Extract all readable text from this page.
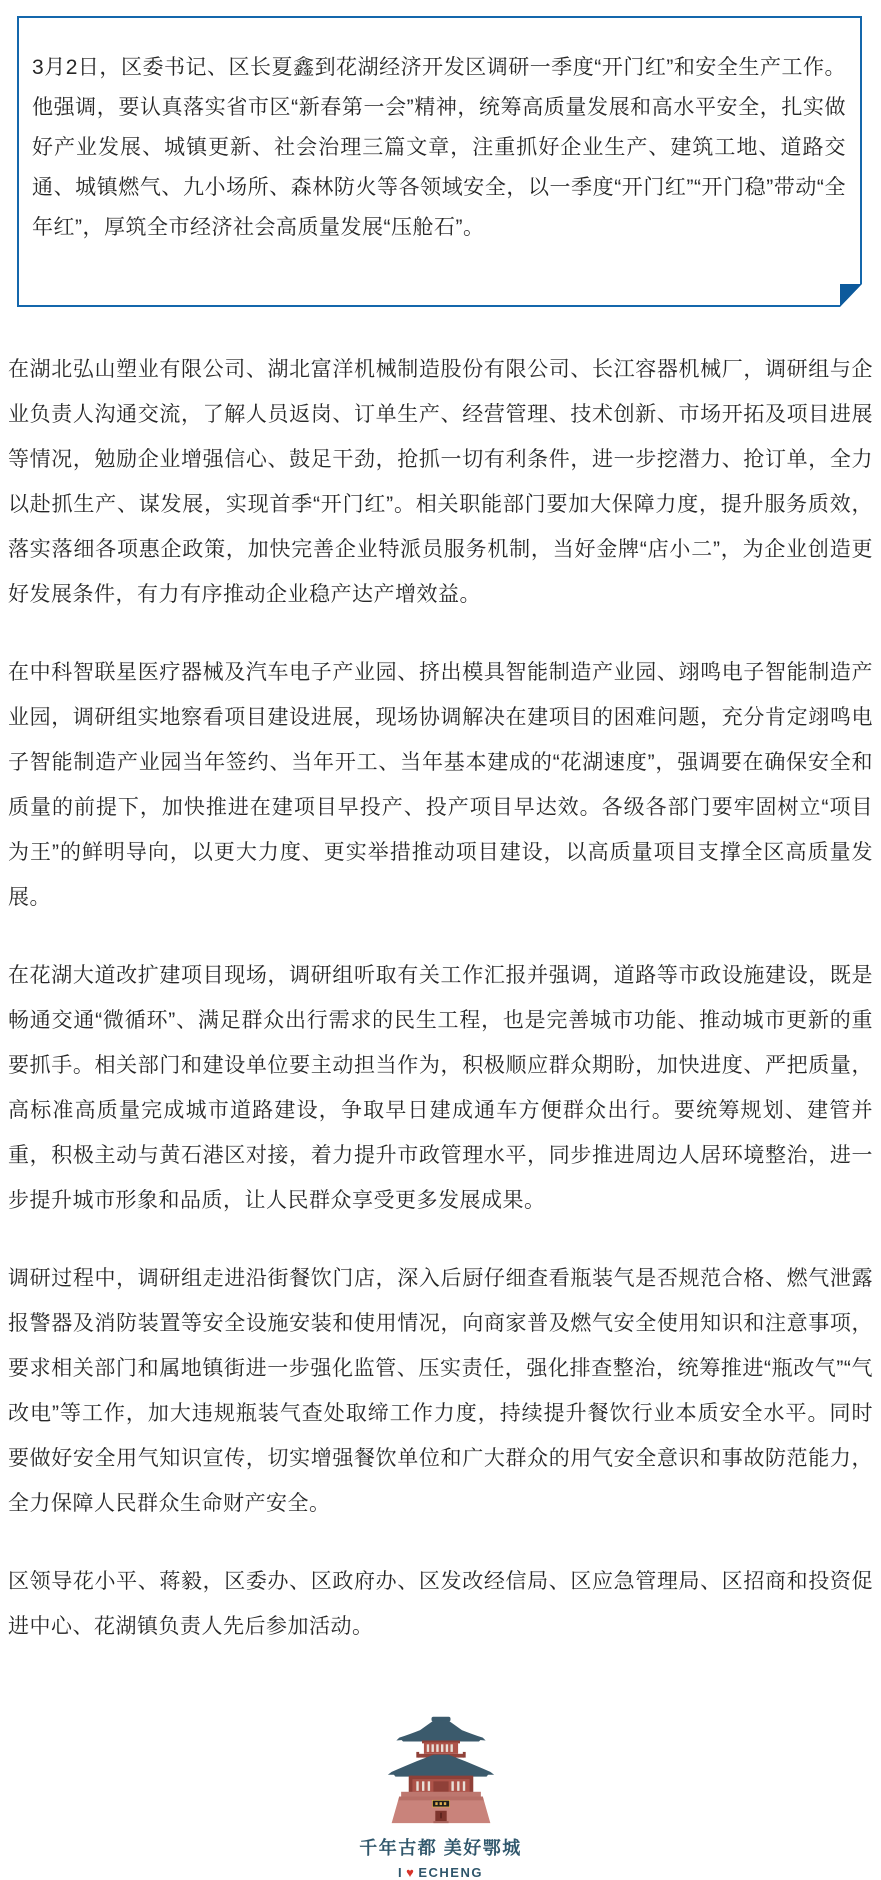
3月2日，区委书记、区长夏鑫到花湖经济开发区调研一季度“开门红”和安全生产工作。他强调，要认真落实省市区“新春第一会”精神，统筹高质量发展和高水平安全，扎实做好产业发展、城镇更新、社会治理三篇文章，注重抓好企业生产、建筑工地、道路交通、城镇燃气、九小场所、森林防火等各领域安全，以一季度“开门红”“开门稳”带动“全年红”，厚筑全市经济社会高质量发展“压舱石”。

在湖北弘山塑业有限公司、湖北富洋机械制造股份有限公司、长江容器机械厂，调研组与企业负责人沟通交流，了解人员返岗、订单生产、经营管理、技术创新、市场开拓及项目进展等情况，勉励企业增强信心、鼓足干劲，抢抓一切有利条件，进一步挖潜力、抢订单，全力以赴抓生产、谋发展，实现首季“开门红”。相关职能部门要加大保障力度，提升服务质效，落实落细各项惠企政策，加快完善企业特派员服务机制，当好金牌“店小二”，为企业创造更好发展条件，有力有序推动企业稳产达产增效益。

在中科智联星医疗器械及汽车电子产业园、挤出模具智能制造产业园、翊鸣电子智能制造产业园，调研组实地察看项目建设进展，现场协调解决在建项目的困难问题，充分肯定翊鸣电子智能制造产业园当年签约、当年开工、当年基本建成的“花湖速度”，强调要在确保安全和质量的前提下，加快推进在建项目早投产、投产项目早达效。各级各部门要牢固树立“项目为王”的鲜明导向，以更大力度、更实举措推动项目建设，以高质量项目支撑全区高质量发展。

在花湖大道改扩建项目现场，调研组听取有关工作汇报并强调，道路等市政设施建设，既是畅通交通“微循环”、满足群众出行需求的民生工程，也是完善城市功能、推动城市更新的重要抓手。相关部门和建设单位要主动担当作为，积极顺应群众期盼，加快进度、严把质量，高标准高质量完成城市道路建设，争取早日建成通车方便群众出行。要统筹规划、建管并重，积极主动与黄石港区对接，着力提升市政管理水平，同步推进周边人居环境整治，进一步提升城市形象和品质，让人民群众享受更多发展成果。

调研过程中，调研组走进沿街餐饮门店，深入后厨仔细查看瓶装气是否规范合格、燃气泄露报警器及消防装置等安全设施安装和使用情况，向商家普及燃气安全使用知识和注意事项，要求相关部门和属地镇街进一步强化监管、压实责任，强化排查整治，统筹推进“瓶改气”“气改电”等工作，加大违规瓶装气查处取缔工作力度，持续提升餐饮行业本质安全水平。同时要做好安全用气知识宣传，切实增强餐饮单位和广大群众的用气安全意识和事故防范能力，全力保障人民群众生命财产安全。

区领导花小平、蒋毅，区委办、区政府办、区发改经信局、区应急管理局、区招商和投资促进中心、花湖镇负责人先后参加活动。

千年古都 美好鄂城
I ♥ ECHENG
